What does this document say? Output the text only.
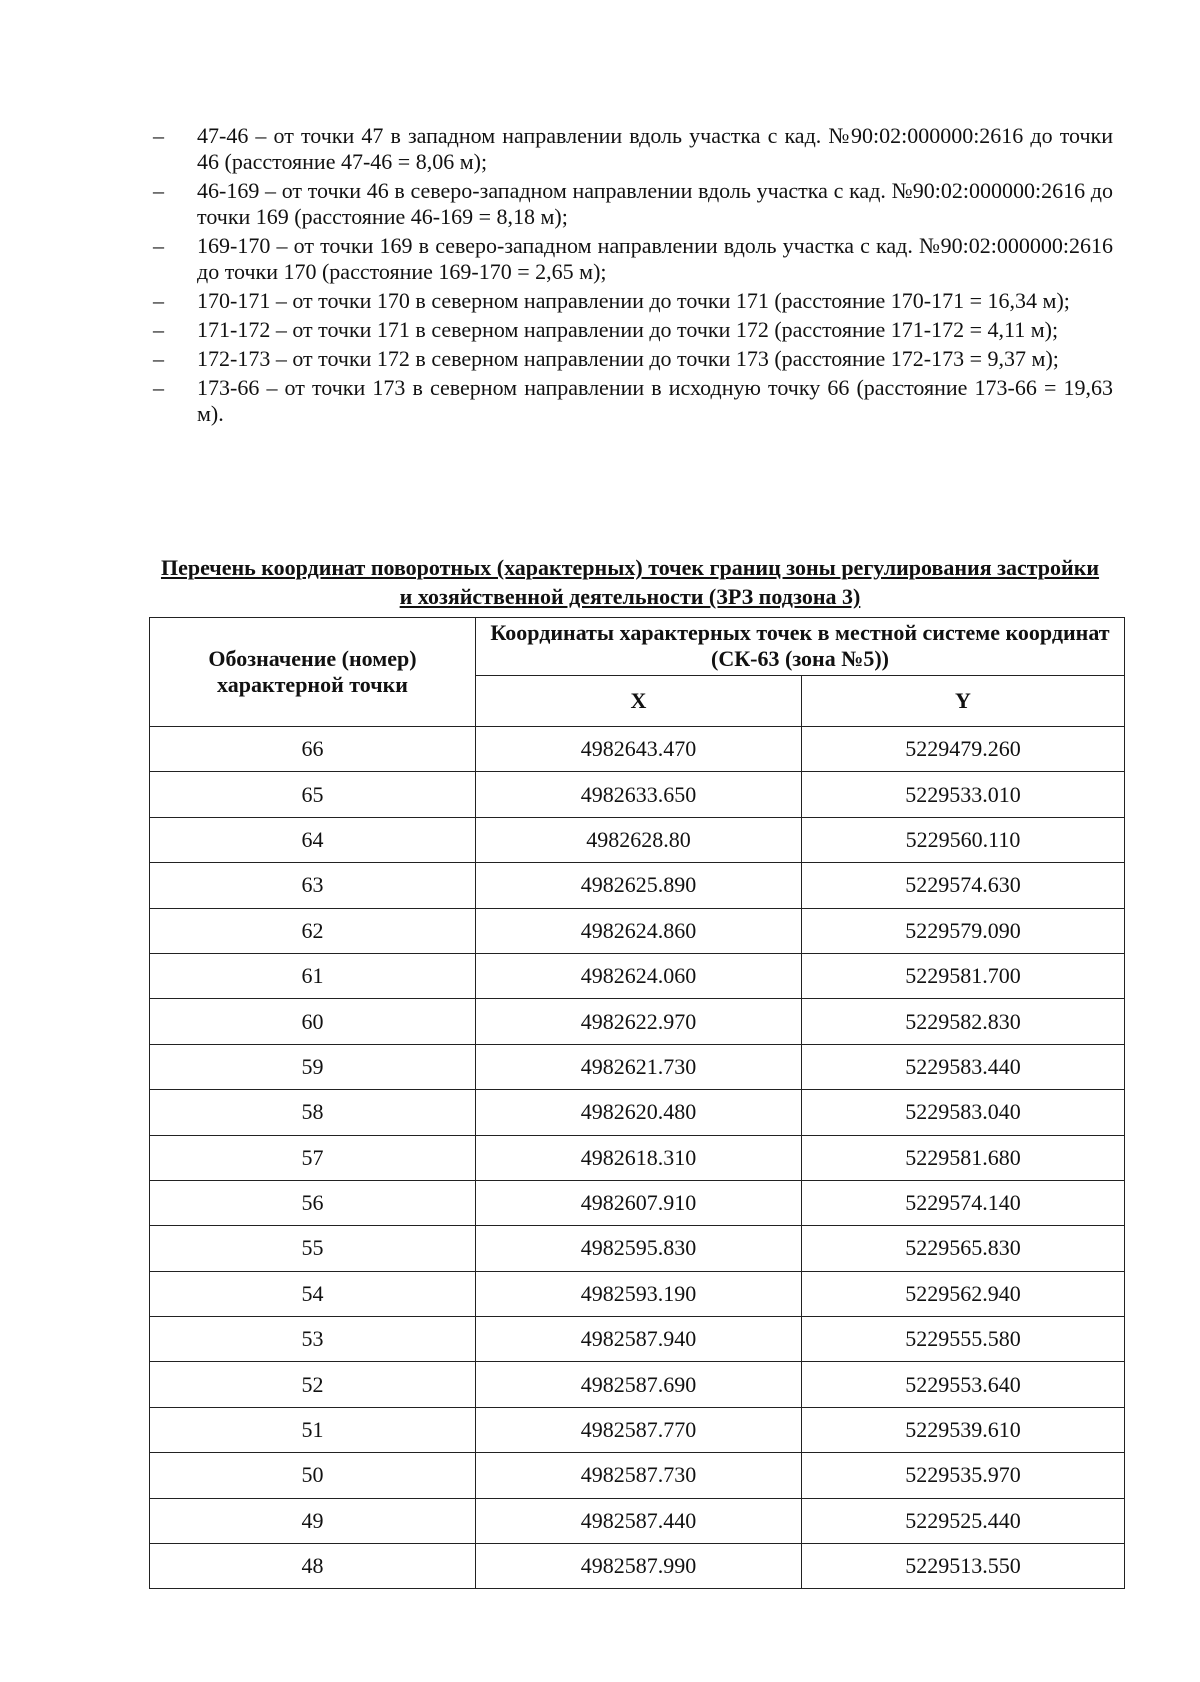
– 47-46 – от точки 47 в западном направлении вдоль участка с кад. №90:02:000000:2616 до точки 46 (расстояние 47-46 = 8,06 м);
– 46-169 – от точки 46 в северо-западном направлении вдоль участка с кад. №90:02:000000:2616 до точки 169 (расстояние 46-169 = 8,18 м);
– 169-170 – от точки 169 в северо-западном направлении вдоль участка с кад. №90:02:000000:2616 до точки 170 (расстояние 169-170 = 2,65 м);
– 170-171 – от точки 170 в северном направлении до точки 171 (расстояние 170-171 = 16,34 м);
– 171-172 – от точки 171 в северном направлении до точки 172 (расстояние 171-172 = 4,11 м);
– 172-173 – от точки 172 в северном направлении до точки 173 (расстояние 172-173 = 9,37 м);
– 173-66 – от точки 173 в северном направлении в исходную точку 66 (расстояние 173-66 = 19,63 м).

Перечень координат поворотных (характерных) точек границ зоны регулирования застройки и хозяйственной деятельности (ЗРЗ подзона 3)

Обозначение (номер) характерной точки	Координаты характерных точек в местной системе координат (СК-63 (зона №5))	
	X	Y
66	4982643.470	5229479.260
65	4982633.650	5229533.010
64	4982628.80	5229560.110
63	4982625.890	5229574.630
62	4982624.860	5229579.090
61	4982624.060	5229581.700
60	4982622.970	5229582.830
59	4982621.730	5229583.440
58	4982620.480	5229583.040
57	4982618.310	5229581.680
56	4982607.910	5229574.140
55	4982595.830	5229565.830
54	4982593.190	5229562.940
53	4982587.940	5229555.580
52	4982587.690	5229553.640
51	4982587.770	5229539.610
50	4982587.730	5229535.970
49	4982587.440	5229525.440
48	4982587.990	5229513.550
